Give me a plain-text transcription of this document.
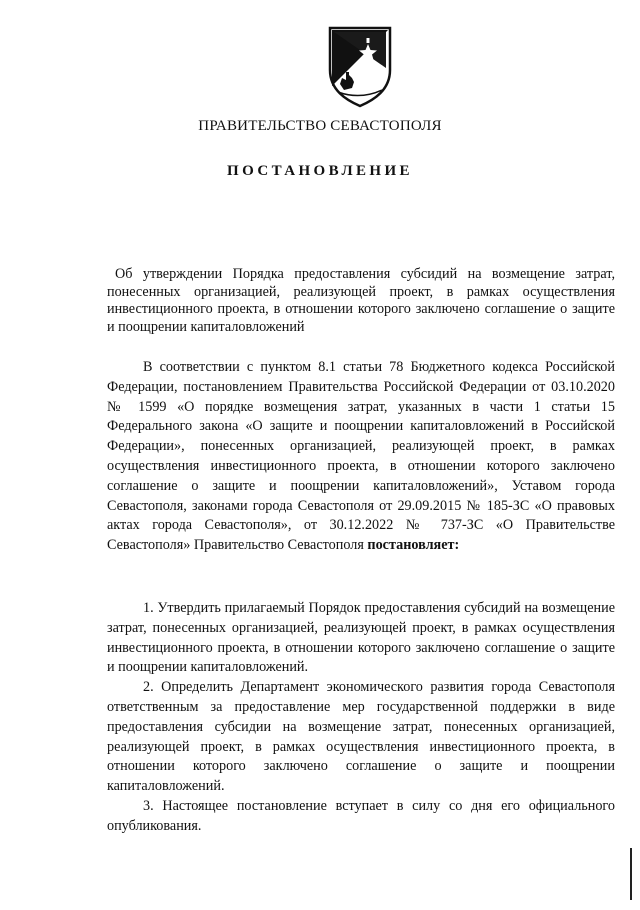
ПРАВИТЕЛЬСТВО СЕВАСТОПОЛЯ
ПОСТАНОВЛЕНИЕ
Об утверждении Порядка предоставления субсидий на возмещение затрат, понесенных организацией, реализующей проект, в рамках осуществления инвестиционного проекта, в отношении которого заключено соглашение о защите и поощрении капиталовложений
В соответствии с пунктом 8.1 статьи 78 Бюджетного кодекса Российской Федерации, постановлением Правительства Российской Федерации от 03.10.2020 № 1599 «О порядке возмещения затрат, указанных в части 1 статьи 15 Федерального закона «О защите и поощрении капиталовложений в Российской Федерации», понесенных организацией, реализующей проект, в рамках осуществления инвестиционного проекта, в отношении которого заключено соглашение о защите и поощрении капиталовложений», Уставом города Севастополя, законами города Севастополя от 29.09.2015 № 185-ЗС «О правовых актах города Севастополя», от 30.12.2022 № 737-ЗС «О Правительстве Севастополя» Правительство Севастополя постановляет:

1. Утвердить прилагаемый Порядок предоставления субсидий на возмещение затрат, понесенных организацией, реализующей проект, в рамках осуществления инвестиционного проекта, в отношении которого заключено соглашение о защите и поощрении капиталовложений.

2. Определить Департамент экономического развития города Севастополя ответственным за предоставление мер государственной поддержки в виде предоставления субсидии на возмещение затрат, понесенных организацией, реализующей проект, в рамках осуществления инвестиционного проекта, в отношении которого заключено соглашение о защите и поощрении капиталовложений.

3. Настоящее постановление вступает в силу со дня его официального опубликования.
